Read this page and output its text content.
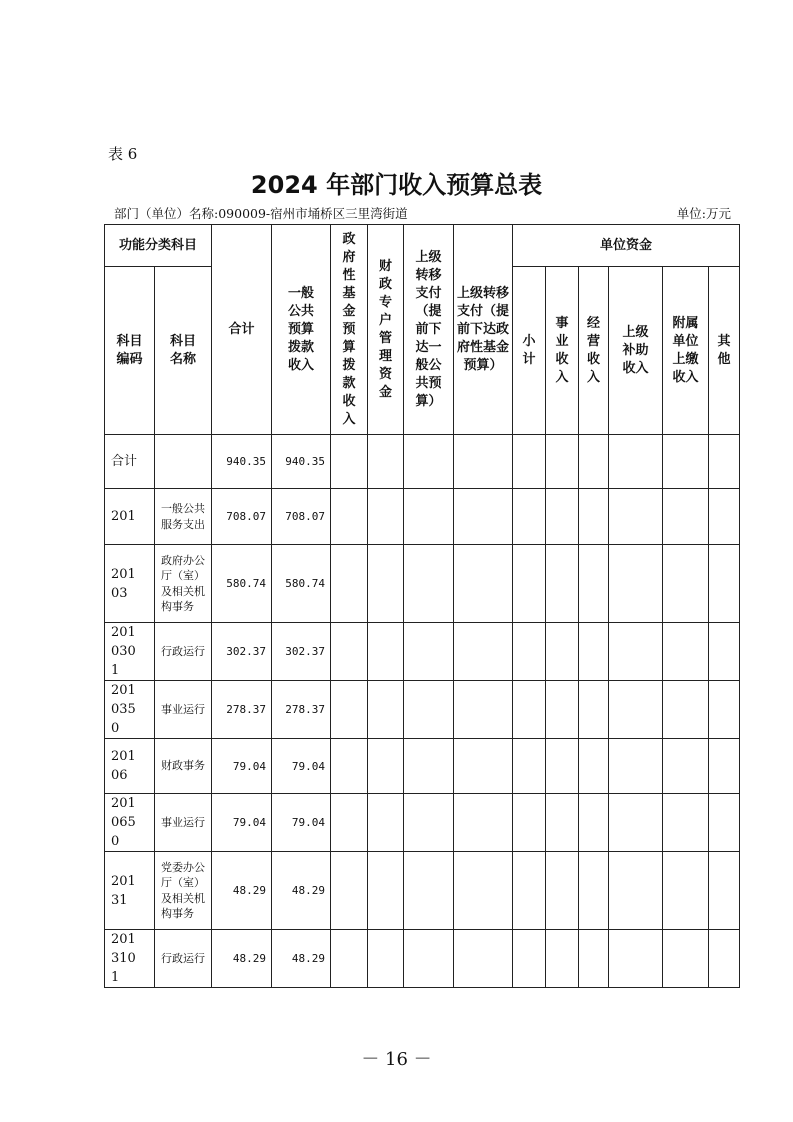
表 6
2024 年部门收入预算总表
部门（单位）名称:090009-宿州市埇桥区三里湾街道	单位:万元
功能分类科目		合计	一般公共预算拨款收入	政府性基金预算拨款收入	财政专户管理资金	上级转移支付（提前下达一般公共预算）	上级转移支付（提前下达政府性基金预算）	单位资金					
科目编码	科目名称							小计	事业收入	经营收入	上级补助收入	附属单位上缴收入	其他
合计		940.35	940.35										
201	一般公共服务支出	708.07	708.07										
20103	政府办公厅（室）及相关机构事务	580.74	580.74										
2010301	行政运行	302.37	302.37										
2010350	事业运行	278.37	278.37										
20106	财政事务	79.04	79.04										
2010650	事业运行	79.04	79.04										
20131	党委办公厅（室）及相关机构事务	48.29	48.29										
2013101	行政运行	48.29	48.29										
－ 16 －
